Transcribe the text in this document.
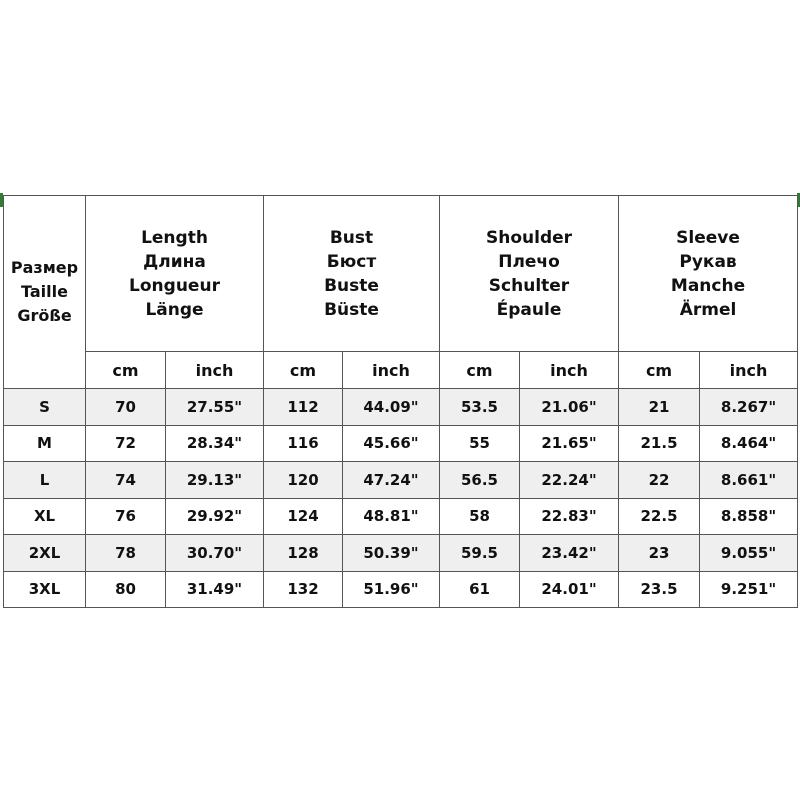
Размер
Taille
Größe	Length
Длина
Longueur
Länge		Bust
Бюст
Buste
Büste		Shoulder
Плечо
Schulter
Épaule		Sleeve
Рукав
Manche
Ärmel	

	cm	inch	cm	inch	cm	inch	cm	inch
S	70	27.55"	112	44.09"	53.5	21.06"	21	8.267"
M	72	28.34"	116	45.66"	55	21.65"	21.5	8.464"
L	74	29.13"	120	47.24"	56.5	22.24"	22	8.661"
XL	76	29.92"	124	48.81"	58	22.83"	22.5	8.858"
2XL	78	30.70"	128	50.39"	59.5	23.42"	23	9.055"
3XL	80	31.49"	132	51.96"	61	24.01"	23.5	9.251"
